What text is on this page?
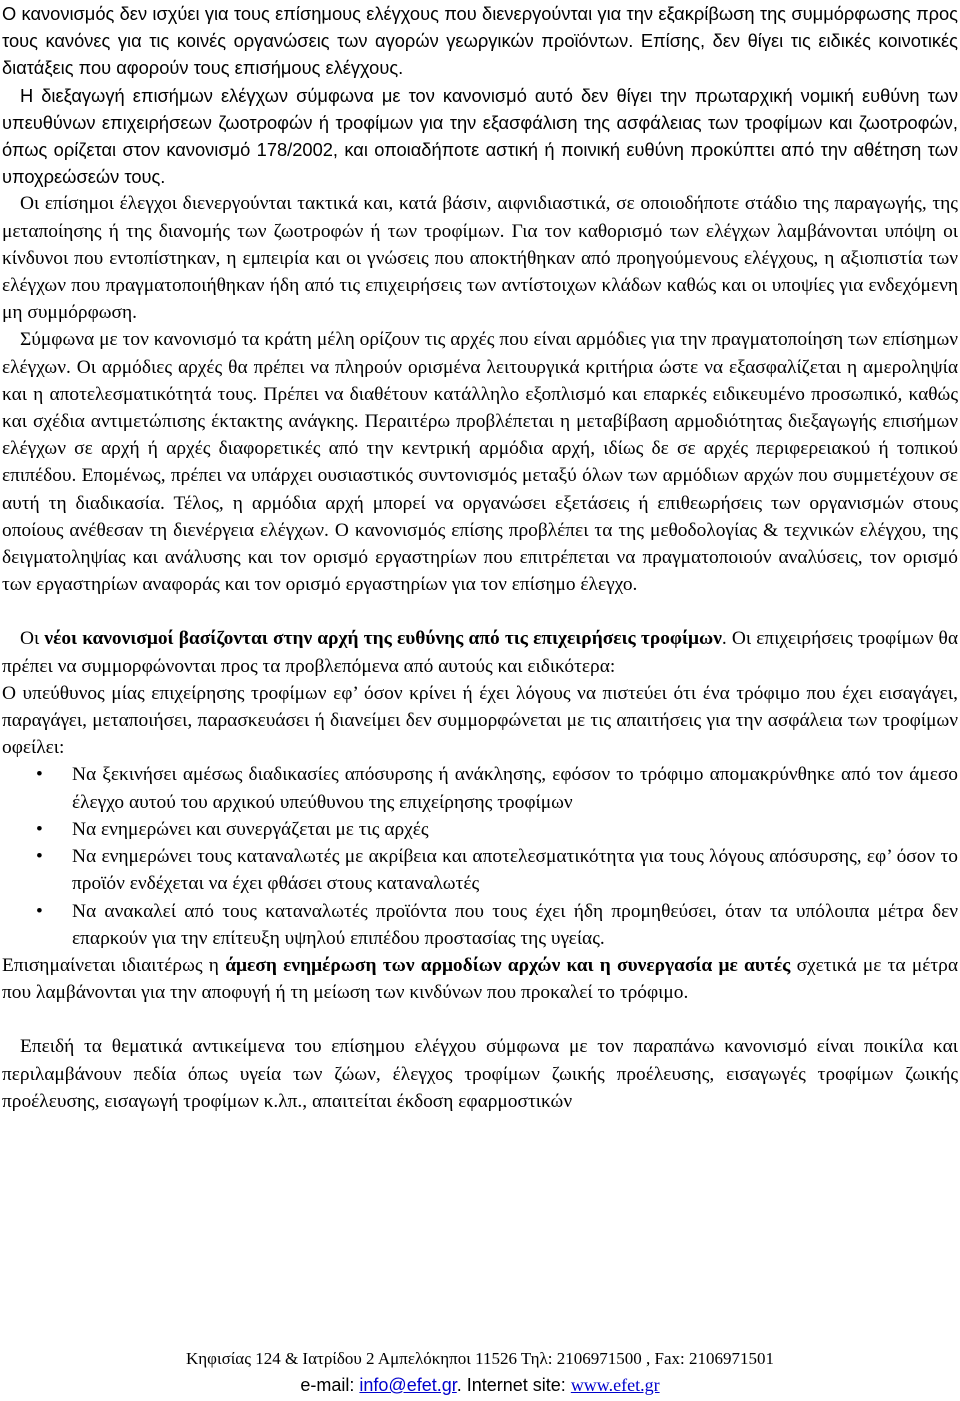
Ο κανονισμός δεν ισχύει για τους επίσημους ελέγχους που διενεργούνται για την εξακρίβωση της συμμόρφωσης προς τους κανόνες για τις κοινές οργανώσεις των αγορών γεωργικών προϊόντων. Επίσης, δεν θίγει τις ειδικές κοινοτικές διατάξεις που αφορούν τους επισήμους ελέγχους.

Η διεξαγωγή επισήμων ελέγχων σύμφωνα με τον κανονισμό αυτό δεν θίγει την πρωταρχική νομική ευθύνη των υπευθύνων επιχειρήσεων ζωοτροφών ή τροφίμων για την εξασφάλιση της ασφάλειας των τροφίμων και ζωοτροφών, όπως ορίζεται στον κανονισμό 178/2002, και οποιαδήποτε αστική ή ποινική ευθύνη προκύπτει από την αθέτηση των υποχρεώσεών τους.

Οι επίσημοι έλεγχοι διενεργούνται τακτικά και, κατά βάσιν, αιφνιδιαστικά, σε οποιοδήποτε στάδιο της παραγωγής, της μεταποίησης ή της διανομής των ζωοτροφών ή των τροφίμων. Για τον καθορισμό των ελέγχων λαμβάνονται υπόψη οι κίνδυνοι που εντοπίστηκαν, η εμπειρία και οι γνώσεις που αποκτήθηκαν από προηγούμενους ελέγχους, η αξιοπιστία των ελέγχων που πραγματοποιήθηκαν ήδη από τις επιχειρήσεις των αντίστοιχων κλάδων καθώς και οι υποψίες για ενδεχόμενη μη συμμόρφωση.

Σύμφωνα με τον κανονισμό τα κράτη μέλη ορίζουν τις αρχές που είναι αρμόδιες για την πραγματοποίηση των επίσημων ελέγχων. Οι αρμόδιες αρχές θα πρέπει να πληρούν ορισμένα λειτουργικά κριτήρια ώστε να εξασφαλίζεται η αμεροληψία και η αποτελεσματικότητά τους. Πρέπει να διαθέτουν κατάλληλο εξοπλισμό και επαρκές ειδικευμένο προσωπικό, καθώς και σχέδια αντιμετώπισης έκτακτης ανάγκης. Περαιτέρω προβλέπεται η μεταβίβαση αρμοδιότητας διεξαγωγής επισήμων ελέγχων σε αρχή ή αρχές διαφορετικές από την κεντρική αρμόδια αρχή, ιδίως δε σε αρχές περιφερειακού ή τοπικού επιπέδου. Επομένως, πρέπει να υπάρχει ουσιαστικός συντονισμός μεταξύ όλων των αρμόδιων αρχών που συμμετέχουν σε αυτή τη διαδικασία. Τέλος, η αρμόδια αρχή μπορεί να οργανώσει εξετάσεις ή επιθεωρήσεις των οργανισμών στους οποίους ανέθεσαν τη διενέργεια ελέγχων. Ο κανονισμός επίσης προβλέπει τα της μεθοδολογίας & τεχνικών ελέγχου, της δειγματοληψίας και ανάλυσης και τον ορισμό εργαστηρίων που επιτρέπεται να πραγματοποιούν αναλύσεις, τον ορισμό των εργαστηρίων αναφοράς και τον ορισμό εργαστηρίων για τον επίσημο έλεγχο.

Οι νέοι κανονισμοί βασίζονται στην αρχή της ευθύνης από τις επιχειρήσεις τροφίμων. Οι επιχειρήσεις τροφίμων θα πρέπει να συμμορφώνονται προς τα προβλεπόμενα από αυτούς και ειδικότερα:

Ο υπεύθυνος μίας επιχείρησης τροφίμων εφ’ όσον κρίνει ή έχει λόγους να πιστεύει ότι ένα τρόφιμο που έχει εισαγάγει, παραγάγει, μεταποιήσει, παρασκευάσει ή διανείμει δεν συμμορφώνεται με τις απαιτήσεις για την ασφάλεια των τροφίμων οφείλει:

• Να ξεκινήσει αμέσως διαδικασίες απόσυρσης ή ανάκλησης, εφόσον το τρόφιμο απομακρύνθηκε από τον άμεσο έλεγχο αυτού του αρχικού υπεύθυνου της επιχείρησης τροφίμων
• Να ενημερώνει και συνεργάζεται με τις αρχές
• Να ενημερώνει τους καταναλωτές με ακρίβεια και αποτελεσματικότητα για τους λόγους απόσυρσης, εφ’ όσον το προϊόν ενδέχεται να έχει φθάσει στους καταναλωτές
• Να ανακαλεί από τους καταναλωτές προϊόντα που τους έχει ήδη προμηθεύσει, όταν τα υπόλοιπα μέτρα δεν επαρκούν για την επίτευξη υψηλού επιπέδου προστασίας της υγείας.

Επισημαίνεται ιδιαιτέρως η άμεση ενημέρωση των αρμοδίων αρχών και η συνεργασία με αυτές σχετικά με τα μέτρα που λαμβάνονται για την αποφυγή ή τη μείωση των κινδύνων που προκαλεί το τρόφιμο.

Επειδή τα θεματικά αντικείμενα του επίσημου ελέγχου σύμφωνα με τον παραπάνω κανονισμό είναι ποικίλα και περιλαμβάνουν πεδία όπως υγεία των ζώων, έλεγχος τροφίμων ζωικής προέλευσης, εισαγωγές τροφίμων ζωικής προέλευσης, εισαγωγή τροφίμων κ.λπ., απαιτείται έκδοση εφαρμοστικών

Κηφισίας 124 & Ιατρίδου 2 Αμπελόκηποι 11526 Τηλ: 2106971500 , Fax: 2106971501
e-mail: info@efet.gr. Internet site: www.efet.gr
